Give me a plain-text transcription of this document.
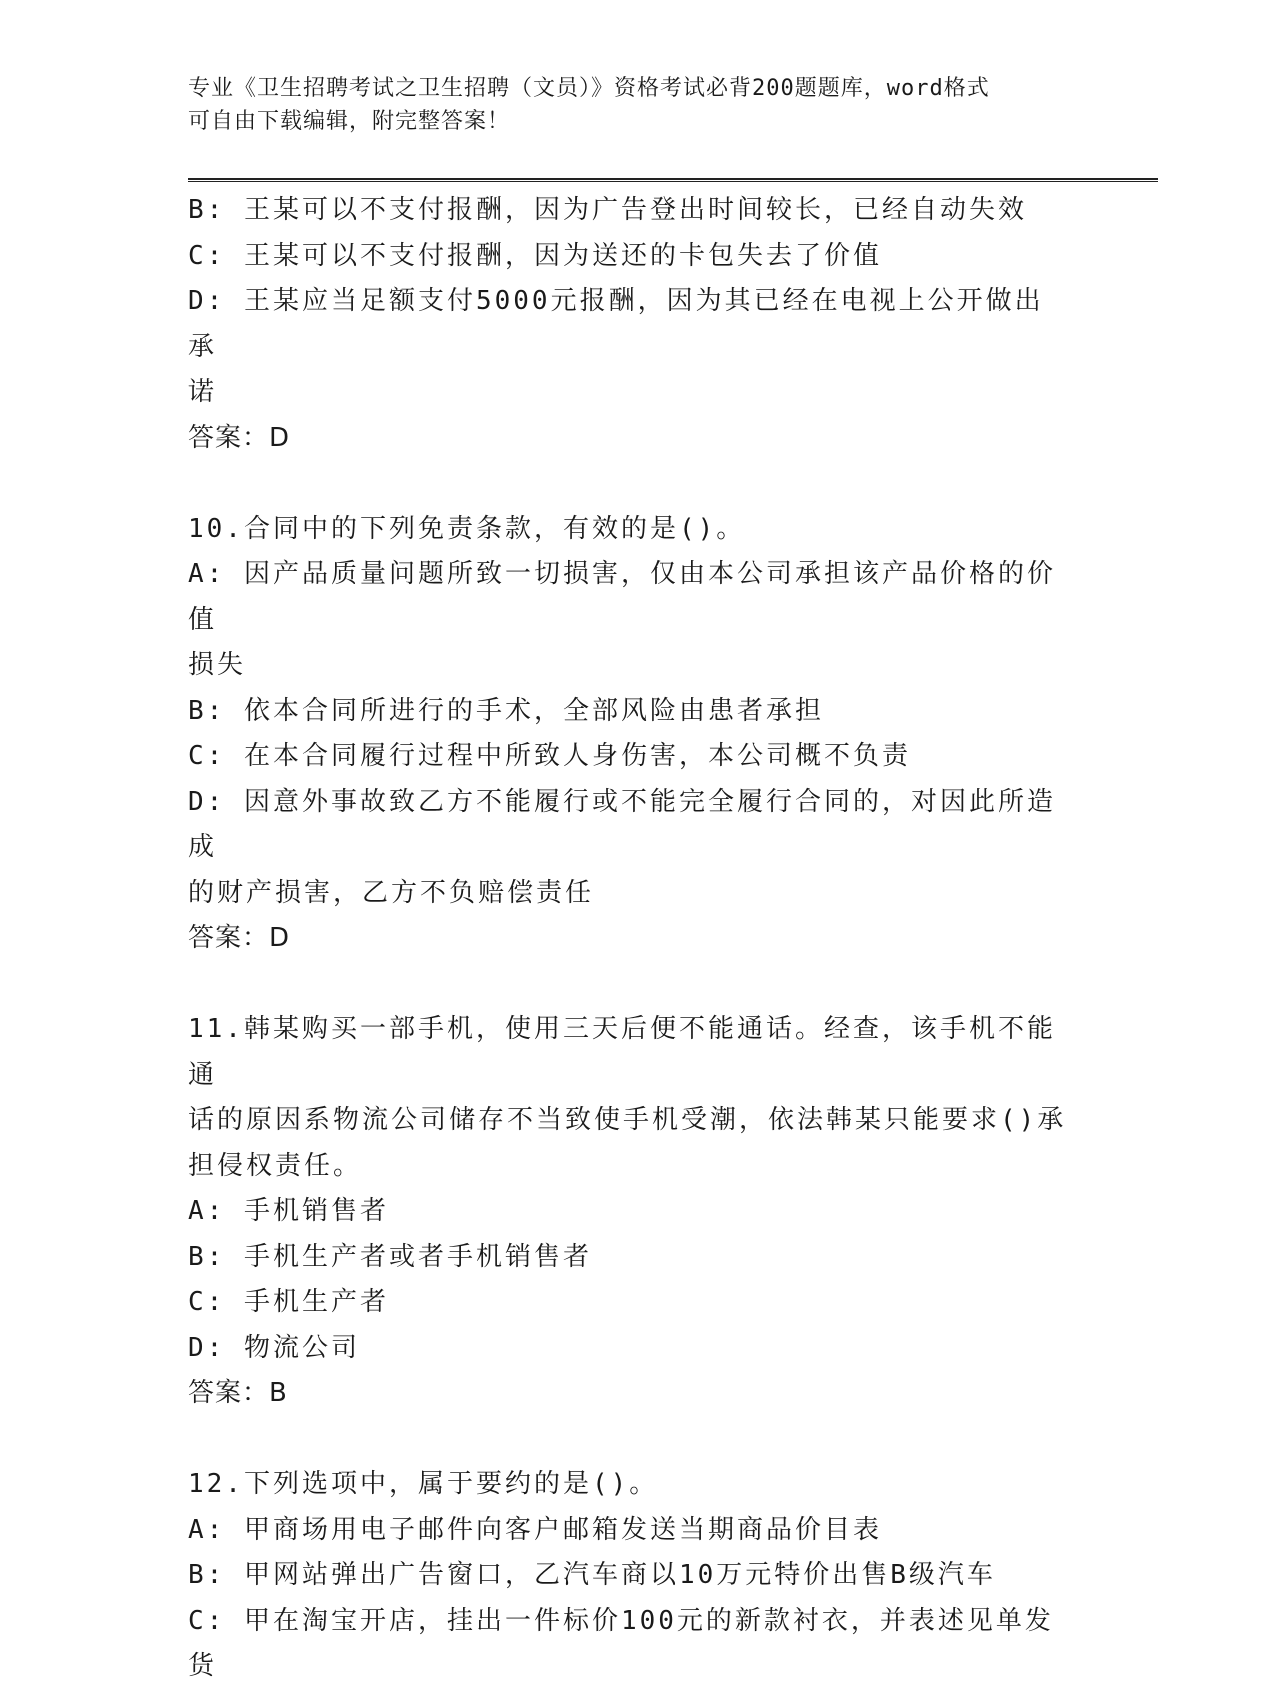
专业《卫生招聘考试之卫生招聘（文员）》资格考试必背200题题库，word格式
可自由下载编辑，附完整答案！

B: 王某可以不支付报酬，因为广告登出时间较长，已经自动失效

C: 王某可以不支付报酬，因为送还的卡包失去了价值

D: 王某应当足额支付5000元报酬，因为其已经在电视上公开做出承

诺

答案：D

10.合同中的下列免责条款，有效的是()。

A: 因产品质量问题所致一切损害，仅由本公司承担该产品价格的价值

损失

B: 依本合同所进行的手术，全部风险由患者承担

C: 在本合同履行过程中所致人身伤害，本公司概不负责

D: 因意外事故致乙方不能履行或不能完全履行合同的，对因此所造成

的财产损害，乙方不负赔偿责任

答案：D

11.韩某购买一部手机，使用三天后便不能通话。经查，该手机不能通

话的原因系物流公司储存不当致使手机受潮，依法韩某只能要求()承

担侵权责任。

A: 手机销售者

B: 手机生产者或者手机销售者

C: 手机生产者

D: 物流公司

答案：B

12.下列选项中，属于要约的是()。

A: 甲商场用电子邮件向客户邮箱发送当期商品价目表

B: 甲网站弹出广告窗口，乙汽车商以10万元特价出售B级汽车

C: 甲在淘宝开店，挂出一件标价100元的新款衬衣，并表述见单发货
